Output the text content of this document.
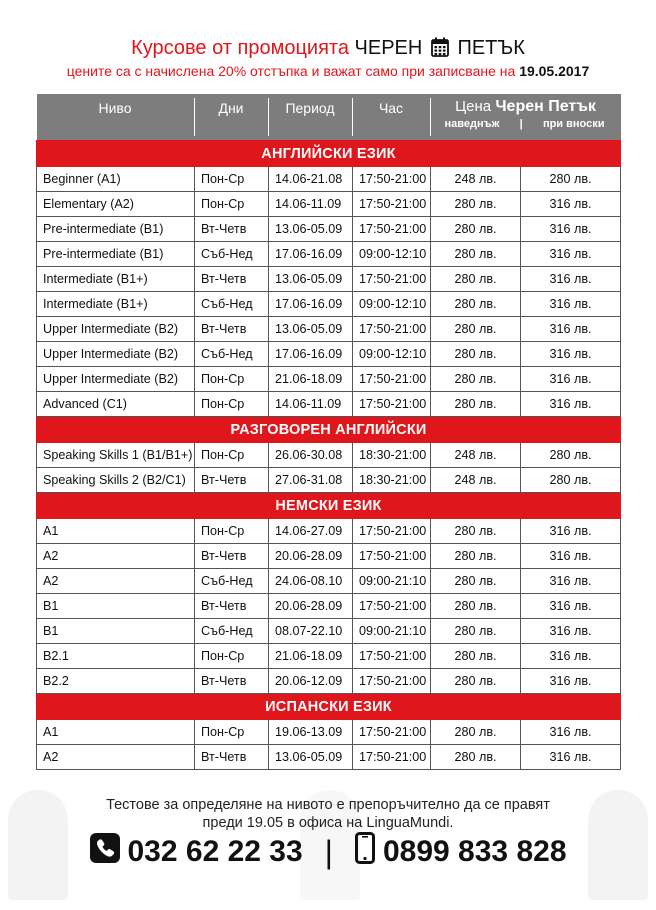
Курсове от промоцията ЧЕРЕН ПЕТЪК
цените са с начислена 20% отстъпка и важат само при записване на 19.05.2017
Ниво	Дни	Период	Час	Цена Черен Петък
наведнъж | при вноски	

АНГЛИЙСКИ ЕЗИК					
Beginner (A1)	Пон-Ср	14.06-21.08	17:50-21:00	248 лв.	280 лв.
Elementary (A2)	Пон-Ср	14.06-11.09	17:50-21:00	280 лв.	316 лв.
Pre-intermediate (B1)	Вт-Четв	13.06-05.09	17:50-21:00	280 лв.	316 лв.
Pre-intermediate (B1)	Съб-Нед	17.06-16.09	09:00-12:10	280 лв.	316 лв.
Intermediate (B1+)	Вт-Четв	13.06-05.09	17:50-21:00	280 лв.	316 лв.
Intermediate (B1+)	Съб-Нед	17.06-16.09	09:00-12:10	280 лв.	316 лв.
Upper Intermediate (B2)	Вт-Четв	13.06-05.09	17:50-21:00	280 лв.	316 лв.
Upper Intermediate (B2)	Съб-Нед	17.06-16.09	09:00-12:10	280 лв.	316 лв.
Upper Intermediate (B2)	Пон-Ср	21.06-18.09	17:50-21:00	280 лв.	316 лв.
Advanced (C1)	Пон-Ср	14.06-11.09	17:50-21:00	280 лв.	316 лв.
РАЗГОВОРЕН АНГЛИЙСКИ					
Speaking Skills 1 (B1/B1+)	Пон-Ср	26.06-30.08	18:30-21:00	248 лв.	280 лв.
Speaking Skills 2 (B2/C1)	Вт-Четв	27.06-31.08	18:30-21:00	248 лв.	280 лв.
НЕМСКИ ЕЗИК					
A1	Пон-Ср	14.06-27.09	17:50-21:00	280 лв.	316 лв.
A2	Вт-Четв	20.06-28.09	17:50-21:00	280 лв.	316 лв.
A2	Съб-Нед	24.06-08.10	09:00-21:10	280 лв.	316 лв.
B1	Вт-Четв	20.06-28.09	17:50-21:00	280 лв.	316 лв.
B1	Съб-Нед	08.07-22.10	09:00-21:10	280 лв.	316 лв.
B2.1	Пон-Ср	21.06-18.09	17:50-21:00	280 лв.	316 лв.
B2.2	Вт-Четв	20.06-12.09	17:50-21:00	280 лв.	316 лв.
ИСПАНСКИ ЕЗИК					
A1	Пон-Ср	19.06-13.09	17:50-21:00	280 лв.	316 лв.
A2	Вт-Четв	13.06-05.09	17:50-21:00	280 лв.	316 лв.
Тестове за определяне на нивото е препоръчително да се правят
преди 19.05 в офиса на LinguaMundi.
032 62 22 33 | 0899 833 828
